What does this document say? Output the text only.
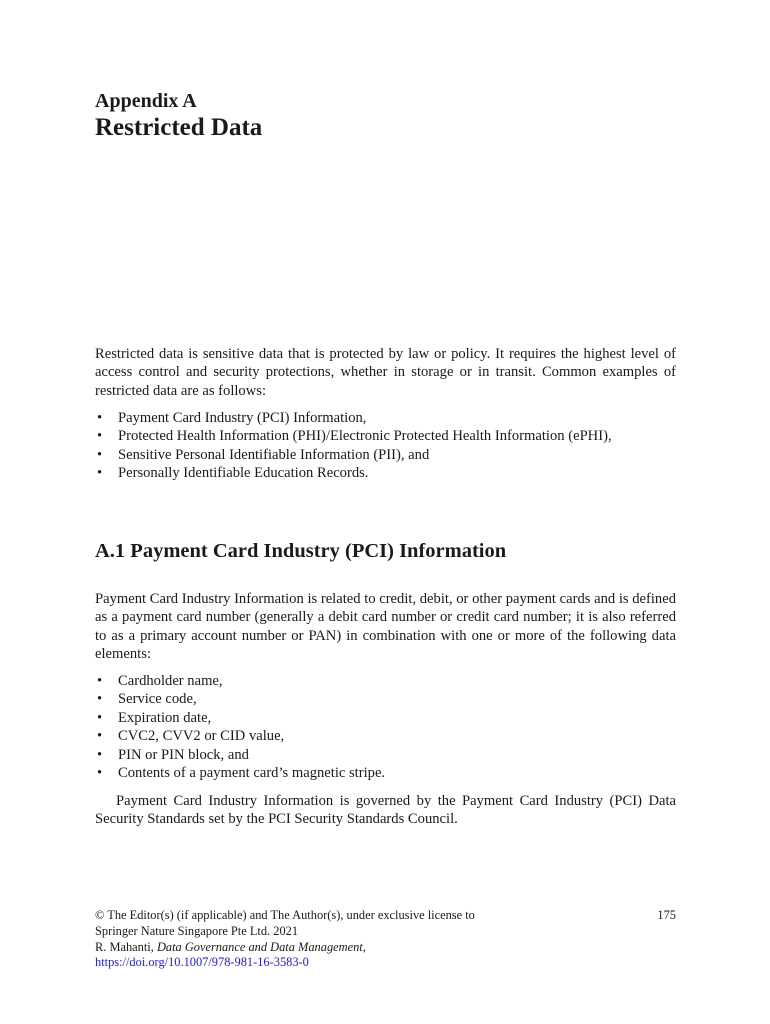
Appendix A
Restricted Data

Restricted data is sensitive data that is protected by law or policy. It requires the highest level of access control and security protections, whether in storage or in transit. Common examples of restricted data are as follows:

• Payment Card Industry (PCI) Information,
• Protected Health Information (PHI)/Electronic Protected Health Information (ePHI),
• Sensitive Personal Identifiable Information (PII), and
• Personally Identifiable Education Records.
A.1 Payment Card Industry (PCI) Information

Payment Card Industry Information is related to credit, debit, or other payment cards and is defined as a payment card number (generally a debit card number or credit card number; it is also referred to as a primary account number or PAN) in combination with one or more of the following data elements:

• Cardholder name,
• Service code,
• Expiration date,
• CVC2, CVV2 or CID value,
• PIN or PIN block, and
• Contents of a payment card’s magnetic stripe.

Payment Card Industry Information is governed by the Payment Card Industry (PCI) Data Security Standards set by the PCI Security Standards Council.

© The Editor(s) (if applicable) and The Author(s), under exclusive license to
Springer Nature Singapore Pte Ltd. 2021
R. Mahanti, Data Governance and Data Management,
https://doi.org/10.1007/978-981-16-3583-0
175
